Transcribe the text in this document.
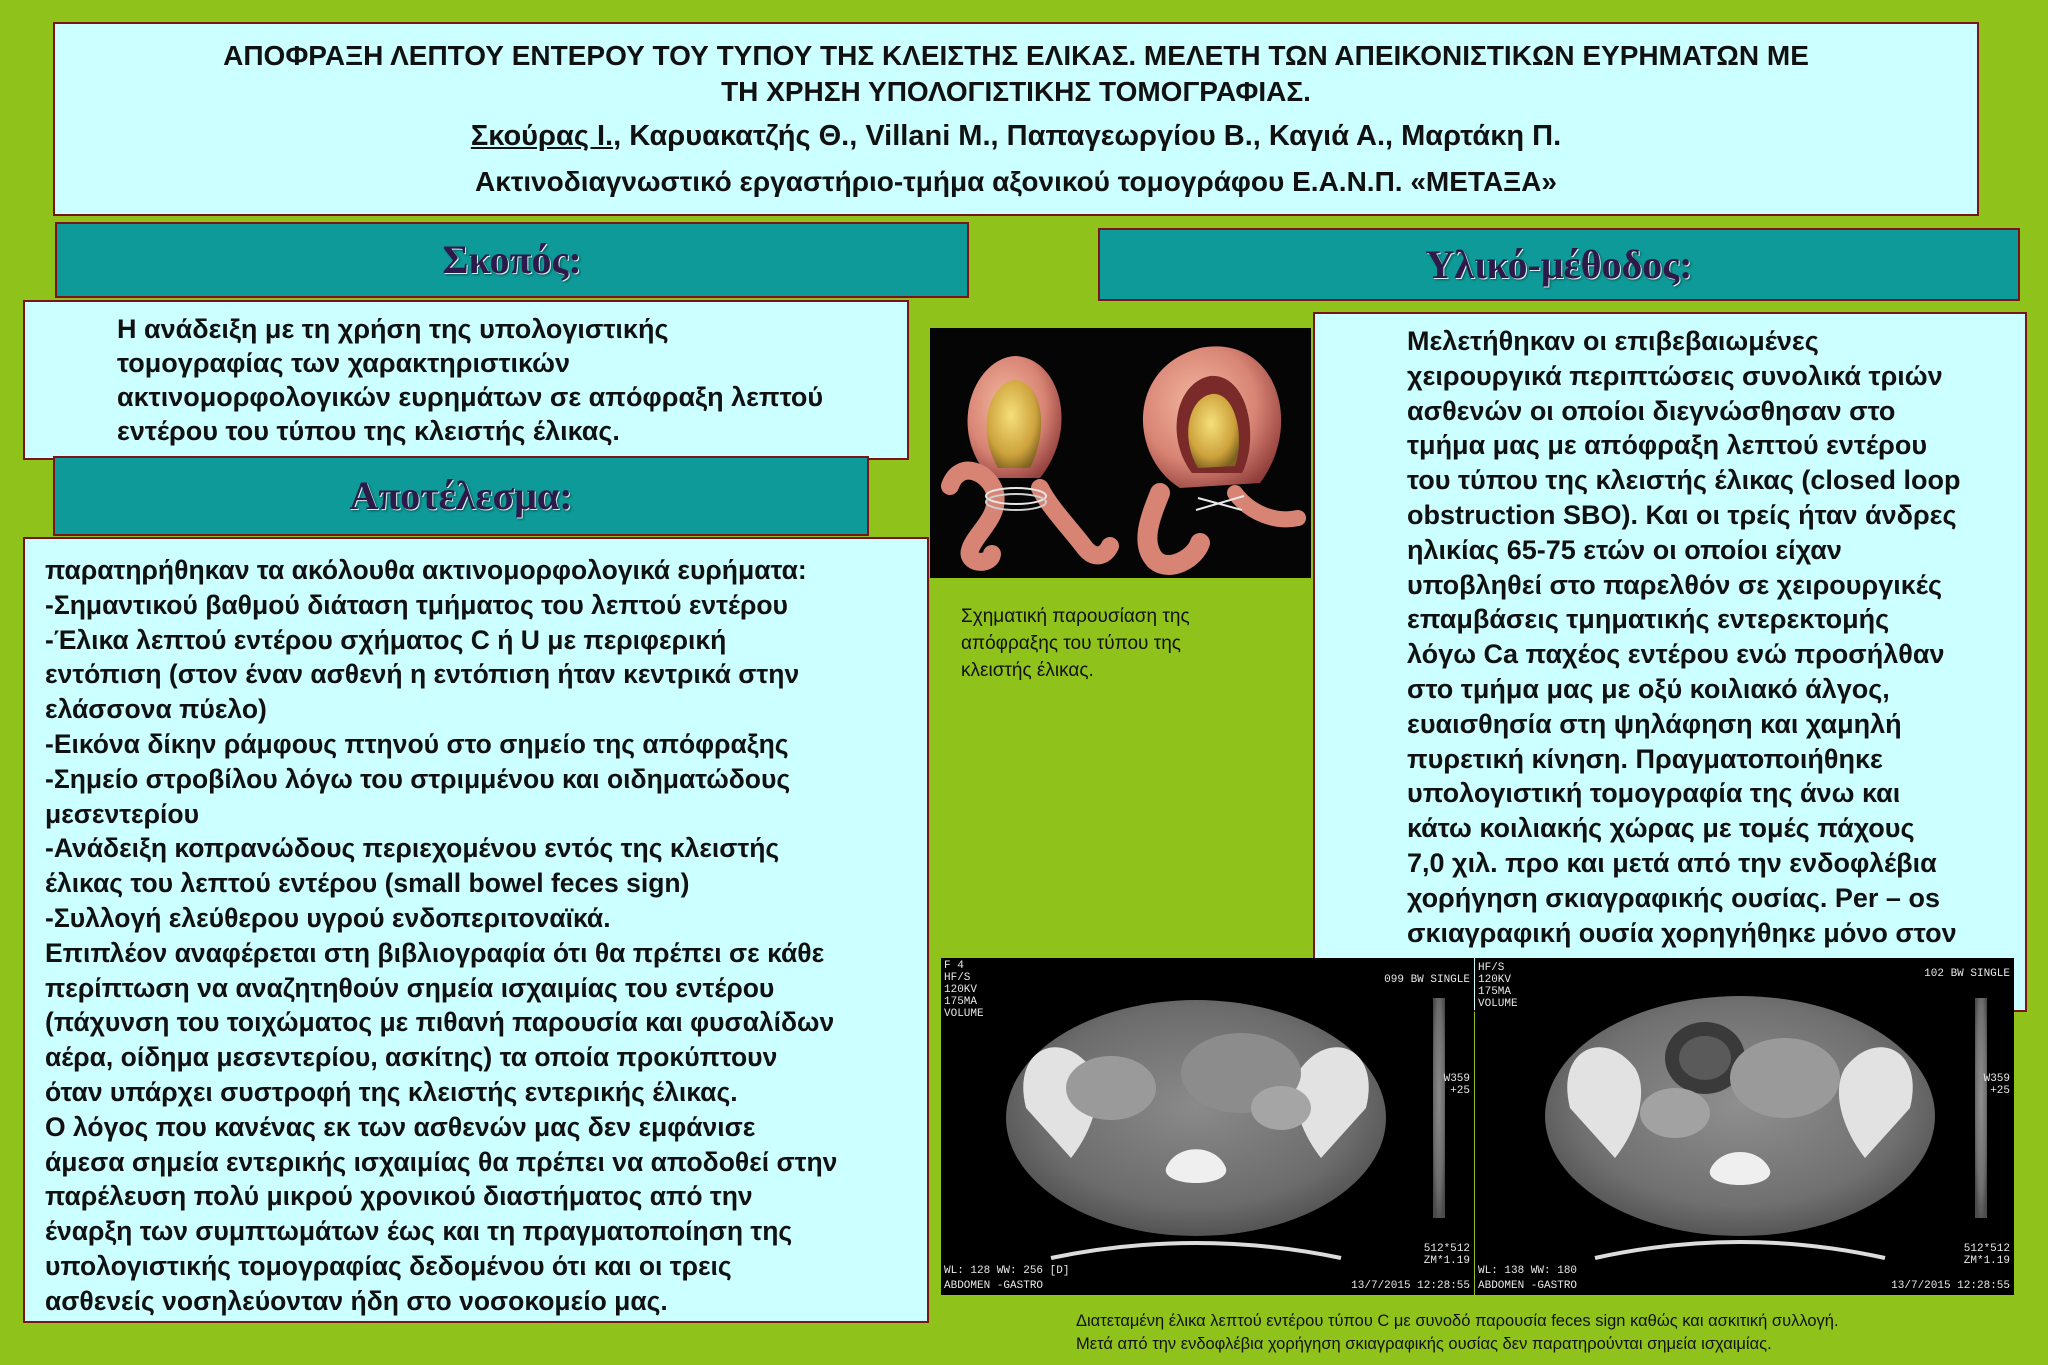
ΑΠΟΦΡΑΞΗ ΛΕΠΤΟΥ ΕΝΤΕΡΟΥ ΤΟΥ ΤΥΠΟΥ ΤΗΣ ΚΛΕΙΣΤΗΣ ΕΛΙΚΑΣ. ΜΕΛΕΤΗ ΤΩΝ ΑΠΕΙΚΟΝΙΣΤΙΚΩΝ ΕΥΡΗΜΑΤΩΝ ΜΕ

ΤΗ ΧΡΗΣΗ ΥΠΟΛΟΓΙΣΤΙΚΗΣ ΤΟΜΟΓΡΑΦΙΑΣ.

Σκούρας Ι., Καρυακατζής Θ., Villani Μ., Παπαγεωργίου Β., Καγιά Α., Μαρτάκη Π.

Ακτινοδιαγνωστικό εργαστήριο-τμήμα αξονικού τομογράφου Ε.Α.Ν.Π. «ΜΕΤΑΞΑ»

Σκοπός:
Η ανάδειξη με τη χρήση της υπολογιστικής
τομογραφίας των χαρακτηριστικών
ακτινομορφολογικών ευρημάτων σε απόφραξη λεπτού
εντέρου του τύπου της κλειστής έλικας.
Αποτέλεσμα:
παρατηρήθηκαν τα ακόλουθα ακτινομορφολογικά ευρήματα:
-Σημαντικού βαθμού διάταση τμήματος του λεπτού εντέρου
-Έλικα λεπτού εντέρου σχήματος C ή U με περιφερική
εντόπιση (στον έναν ασθενή η εντόπιση ήταν κεντρικά στην
ελάσσονα πύελο)
-Εικόνα δίκην ράμφους πτηνού στο σημείο της απόφραξης
-Σημείο στροβίλου λόγω του στριμμένου και οιδηματώδους
μεσεντερίου
-Ανάδειξη κοπρανώδους περιεχομένου εντός της κλειστής
έλικας του λεπτού εντέρου (small bowel feces sign)
-Συλλογή ελεύθερου υγρού ενδοπεριτοναϊκά.
Επιπλέον αναφέρεται στη βιβλιογραφία ότι θα πρέπει σε κάθε
περίπτωση να αναζητηθούν σημεία ισχαιμίας του εντέρου
(πάχυνση του τοιχώματος με πιθανή παρουσία και φυσαλίδων
αέρα, οίδημα μεσεντερίου, ασκίτης) τα οποία προκύπτουν
όταν υπάρχει συστροφή της κλειστής εντερικής έλικας.
Ο λόγος που κανένας εκ των ασθενών μας δεν εμφάνισε
άμεσα σημεία εντερικής ισχαιμίας θα πρέπει να αποδοθεί στην
παρέλευση πολύ μικρού χρονικού διαστήματος από την
έναρξη των συμπτωμάτων έως και τη πραγματοποίηση της
υπολογιστικής τομογραφίας δεδομένου ότι και οι τρεις
ασθενείς νοσηλεύονταν ήδη στο νοσοκομείο μας.
Υλικό-μέθοδος:
Μελετήθηκαν οι επιβεβαιωμένες
χειρουργικά περιπτώσεις συνολικά τριών
ασθενών οι οποίοι διεγνώσθησαν στο
τμήμα μας με απόφραξη λεπτού εντέρου
του τύπου της κλειστής έλικας (closed loop
obstruction SBO). Και οι τρείς ήταν άνδρες
ηλικίας 65-75 ετών οι οποίοι είχαν
υποβληθεί στο παρελθόν σε χειρουργικές
επαμβάσεις τμηματικής εντερεκτομής
λόγω Ca παχέος εντέρου ενώ προσήλθαν
στο τμήμα μας με οξύ κοιλιακό άλγος,
ευαισθησία στη ψηλάφηση και χαμηλή
πυρετική κίνηση. Πραγματοποιήθηκε
υπολογιστική τομογραφία της άνω και
κάτω κοιλιακής χώρας με τομές πάχους
7,0 χιλ. προ και μετά από την ενδοφλέβια
χορήγηση σκιαγραφικής ουσίας. Per – os
σκιαγραφική ουσία χορηγήθηκε μόνο στον
Σχηματική παρουσίαση της
απόφραξης του τύπου της
κλειστής έλικας.
F 4
HF/S
120KV
175MA
VOLUME
099 BW SINGLE
W359
+25
512*512
ZM*1.19
WL: 128 WW: 256 [D]
ABDOMEN -GASTRO	13/7/2015 12:28:55
HF/S
120KV
175MA
VOLUME
102 BW SINGLE
W359
+25
512*512
ZM*1.19
WL: 138 WW: 180
ABDOMEN -GASTRO	13/7/2015 12:28:55
Διατεταμένη έλικα λεπτού εντέρου τύπου C με συνοδό παρουσία feces sign καθώς και ασκιτική συλλογή.
Μετά από την ενδοφλέβια χορήγηση σκιαγραφικής ουσίας δεν παρατηρούνται σημεία ισχαιμίας.
